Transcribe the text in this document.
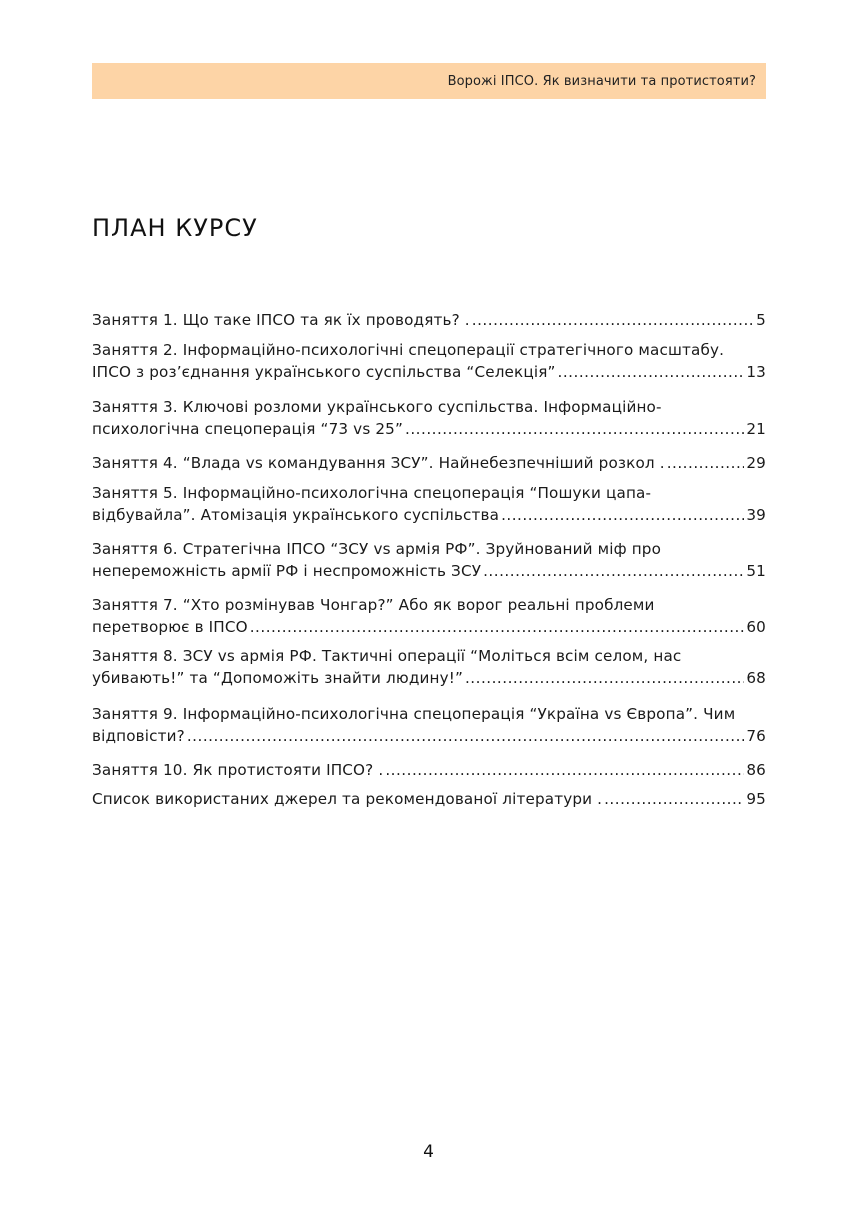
Ворожі ІПСО. Як визначити та протистояти?
ПЛАН КУРСУ
Заняття 1. Що таке ІПСО та як їх проводять? . .....	5
Заняття 2. Інформаційно-психологічні спецоперації стратегічного масштабу.
ІПСО з роз’єднання українського суспільства “Селекція” .....	13
Заняття 3. Ключові розломи українського суспільства. Інформаційно-
психологічна спецоперація “73 vs 25” .....	21
Заняття 4. “Влада vs командування ЗСУ”. Найнебезпечніший розкол . .....	29
Заняття 5. Інформаційно-психологічна спецоперація “Пошуки цапа-
відбувайла”. Атомізація українського суспільства .....	39
Заняття 6. Стратегічна ІПСО “ЗСУ vs армія РФ”. Зруйнований міф про
непереможність армії РФ і неспроможність ЗСУ .....	51
Заняття 7. “Хто розмінував Чонгар?” Або як ворог реальні проблеми
перетворює в ІПСО .....	60
Заняття 8. ЗСУ vs армія РФ. Тактичні операції “Моліться всім селом, нас
убивають!” та “Допоможіть знайти людину!” .....	68
Заняття 9. Інформаційно-психологічна спецоперація “Україна vs Європа”. Чим
відповісти? .....	76
Заняття 10. Як протистояти ІПСО? . .....	86
Список використаних джерел та рекомендованої літератури . .....	95
4
